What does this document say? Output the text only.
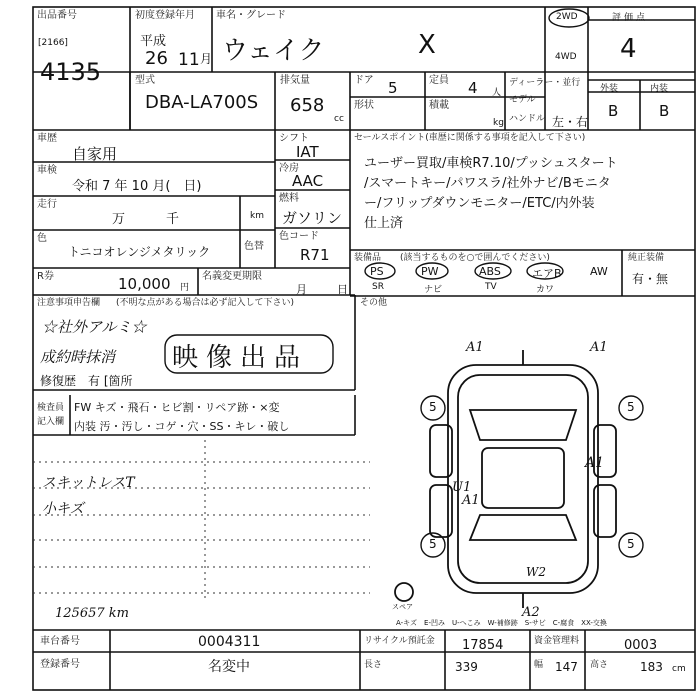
出品番号
[2166]
4135
初度登録年月
平成
26 11 月
車名・グレード
ウェイク	X
2WD
4WD
評価点
4
型式
DBA-LA700S
排気量
658
cc
ドア 5
形状
定員 4 人
積載
kg
ディーラー・並行
モデル
ハンドル 左・右
外装	内装
B	B
車歴
自家用
車検
令和 7 年 10 月(　日)
走行
万　千	km
色
トニコオレンジメタリック	色替
R券	10,000 円
名義変更期限
月	日
シフト
IAT
冷房
AAC
燃料
ガソリン
色コード
R71
セールスポイント(車歴に関係する事項を記入して下さい)
ユーザー買取/車検R7.10/プッシュスタート
/スマートキー/パワスラ/社外ナビ/Bモニタ
ー/フリップダウンモニター/ETC/内外装
仕上済
装備品 (該当するものを○で囲んでください)
PS	PW	ABS	エアB	AW
SR	ナビ	TV	カワ
純正装備
有・無
注意事項申告欄 (不明な点がある場合は必ず記入して下さい)
☆社外アルミ☆
成約時抹消
修復歴　有 [箇所
映像出品
その他
検査員
記入欄
FW キズ・飛石・ヒビ割・リペア跡・×変
内装 汚・汚し・コゲ・穴・SS・キレ・破し
スキットレスT
小キズ
125657 km
A1	A1
5	5
A1
U1
A1
5	5
W2
A2
スペア
A-キズ　E-凹み　U-へこみ　W-補修跡　S-サビ　C-腐食　XX-交換
車台番号	0004311
登録番号	名変中
リサイクル預託金 17854	資金管理料	0003
長さ	339	幅 147 高さ	183 cm
